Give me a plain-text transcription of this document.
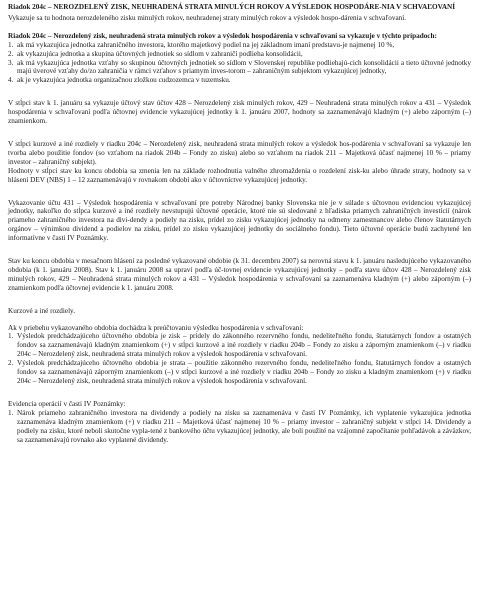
Riadok 204c – NEROZDELENÝ ZISK, NEUHRADENÁ STRATA MINULÝCH ROKOV A VÝSLEDOK HOSPODÁRE-NIA V SCHVAĽOVANÍ

Vykazuje sa tu hodnota nerozdeleného zisku minulých rokov, neuhradenej straty minulých rokov a výsledok hospo-dárenia v schvaľovaní.

Riadok 204c – Nerozdelený zisk, neuhradená strata minulých rokov a výsledok hospodárenia v schvaľovaní sa vykazuje v týchto prípadoch:

1. ak má vykazujúca jednotka zahraničného investora, ktorého majetkový podiel na jej základnom imaní predstavu-je najmenej 10 %,
2. ak vykazujúca jednotka a skupina účtovných jednotiek so sídlom v zahraničí podlieha konsolidácii,
3. ak má vykazujúca jednotka vzťahy so skupinou účtovných jednotiek so sídlom v Slovenskej republike podliehajú-cich konsolidácii a tieto účtovné jednotky majú úverové vzťahy do/zo zahraničia v rámci vzťahov s priamym inves-torom – zahraničným subjektom vykazujúcej jednotky,
4. ak je vykazujúca jednotka organizačnou zložkou cudzozemca v tuzemsku.

V stĺpci stav k 1. januáru sa vykazuje účtový stav účtov 428 – Nerozdelený zisk minulých rokov, 429 – Neuhradená strata minulých rokov a 431 – Výsledok hospodárenia v schvaľovaní podľa účtovnej evidencie vykazujúcej jednotky k 1. januáru 2007, hodnoty sa zaznamenávajú kladným (+) alebo záporným (–) znamienkom.

V stĺpci kurzové a iné rozdiely v riadku 204c – Nerozdelený zisk, neuhradená strata minulých rokov a výsledok hos-podárenia v schvaľovaní sa vykazuje len tvorba alebo použitie fondov (so vzťahom na riadok 204b – Fondy zo zisku) alebo so vzťahom na riadok 211 – Majetková účasť najmenej 10 % – priamy investor – zahraničný subjekt).

Hodnoty v stĺpci stav ku koncu obdobia sa zmenia len na základe rozhodnutia valného zhromaždenia o rozdelení zisk-ku alebo úhrade straty, hodnoty sa v hlásení DEV (NBS) 1 – 12 zaznamenávajú v rovnakom období ako v účtovníctve vykazujúcej jednotky.

Vykazovanie účtu 431 – Výsledok hospodárenia v schvaľovaní pre potreby Národnej banky Slovenska nie je v súlade s účtovnou evidenciou vykazujúcej jednotky, nakoľko do stĺpca kurzové a iné rozdiely nevstupujú účtovné operácie, ktoré nie sú sledované z hľadiska priamych zahraničných investícií (nárok priameho zahraničného investora na divi-dendy a podiely na zisku, prídel zo zisku vykazujúcej jednotky na odmeny zamestnancov alebo členov štatutárnych orgánov – výnimkou dividend a podielov na zisku, prídel zo zisku vykazujúcej jednotky do sociálneho fondu). Tieto účtovné operácie budú zachytené len informatívne v časti IV Poznámky.

Stav ku koncu obdobia v mesačnom hlásení za posledné vykazované obdobie (k 31. decembru 2007) sa nerovná stavu k 1. januáru nasledujúceho vykazovaného obdobia (k 1. januáru 2008). Stav k 1. januáru 2008 sa upraví podľa úč-tovnej evidencie vykazujúcej jednotky – podľa stavu účtov 428 – Nerozdelený zisk minulých rokov, 429 – Neuhradená strata minulých rokov a 431 – Výsledok hospodárenia v schvaľovaní sa zaznamenáva kladným (+) alebo záporným (–) znamienkom podľa účtovnej evidencie k 1. januáru 2008.

Kurzové a iné rozdiely.

Ak v priebehu vykazovaného obdobia dochádza k preúčtovaniu výsledku hospodárenia v schvaľovaní:

1. Výsledok predchádzajúceho účtovného obdobia je zisk – prídely do zákonného rezervného fondu, nedeliteľného fondu, štatutárnych fondov a ostatných fondov sa zaznamenávajú kladným znamienkom (+) v stĺpci kurzové a iné rozdiely v riadku 204b – Fondy zo zisku a záporným znamienkom (–) v riadku 204c – Nerozdelený zisk, neuhradená strata minulých rokov a výsledok hospodárenia v schvaľovaní.
2. Výsledok predchádzajúceho účtovného obdobia je strata – použitie zákonného rezervného fondu, nedeliteľného fondu, štatutárnych fondov a ostatných fondov sa zaznamenávajú záporným znamienkom (–) v stĺpci kurzové a iné rozdiely v riadku 204b – Fondy zo zisku a kladným znamienkom (+) v riadku 204c – Nerozdelený zisk, neuhradená strata minulých rokov a výsledok hospodárenia v schvaľovaní.

Evidencia operácií v časti IV Poznámky:

1. Nárok priameho zahraničného investora na dividendy a podiely na zisku sa zaznamenáva v časti IV Poznámky, ich vyplatenie vykazujúca jednotka zaznamenáva kladným znamienkom (+) v riadku 211 – Majetková účasť najmenej 10 % – priamy investor – zahraničný subjekt v stĺpci 14. Dividendy a podiely na zisku, ktoré neboli skutočne vypla-tené z bankového účtu vykazujúcej jednotky, ale boli použité na vzájomné započítanie pohľadávok a záväzkov, sa zaznamenávajú rovnako ako vyplatené dividendy.
